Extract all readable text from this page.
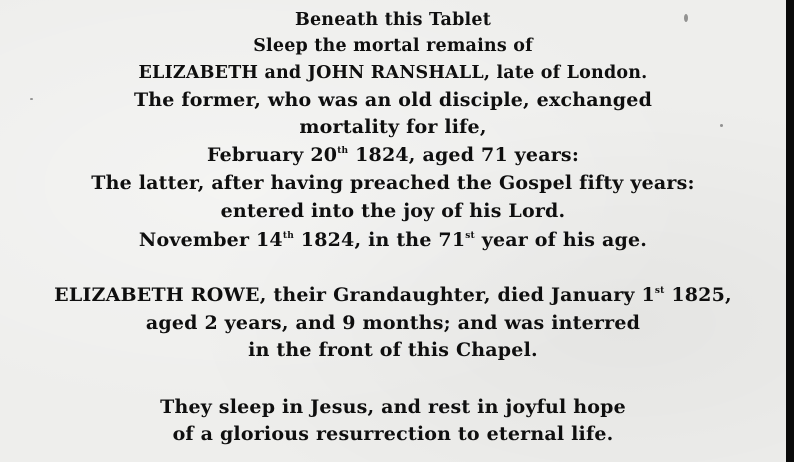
Beneath this Tablet
Sleep the mortal remains of
ELIZABETH and JOHN RANSHALL, late of London.
The former, who was an old disciple, exchanged
mortality for life,
February 20th 1824, aged 71 years:
The latter, after having preached the Gospel fifty years:
entered into the joy of his Lord.
November 14th 1824, in the 71st year of his age.
ELIZABETH ROWE, their Grandaughter, died January 1st 1825,
aged 2 years, and 9 months; and was interred
in the front of this Chapel.
They sleep in Jesus, and rest in joyful hope
of a glorious resurrection to eternal life.
